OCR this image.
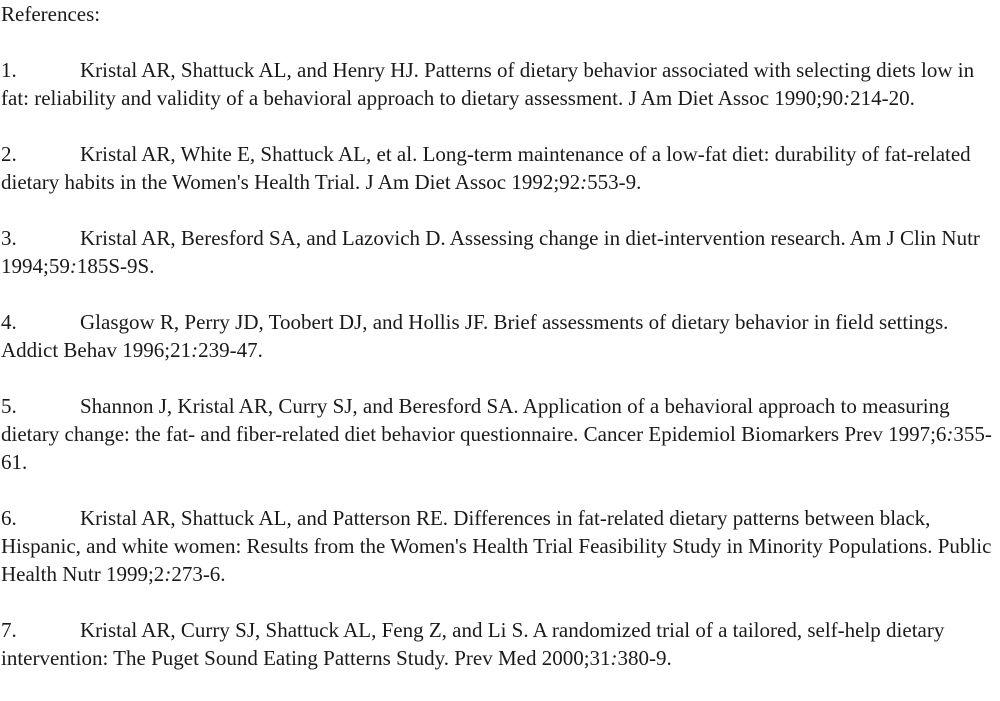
References:

1.	Kristal AR, Shattuck AL, and Henry HJ. Patterns of dietary behavior associated with selecting diets low in fat: reliability and validity of a behavioral approach to dietary assessment. J Am Diet Assoc 1990;90:214-20.
2.	Kristal AR, White E, Shattuck AL, et al. Long-term maintenance of a low-fat diet: durability of fat-related dietary habits in the Women's Health Trial. J Am Diet Assoc 1992;92:553-9.
3.	Kristal AR, Beresford SA, and Lazovich D. Assessing change in diet-intervention research. Am J Clin Nutr 1994;59:185S-9S.
4.	Glasgow R, Perry JD, Toobert DJ, and Hollis JF. Brief assessments of dietary behavior in field settings. Addict Behav 1996;21:239-47.
5.	Shannon J, Kristal AR, Curry SJ, and Beresford SA. Application of a behavioral approach to measuring dietary change: the fat- and fiber-related diet behavior questionnaire. Cancer Epidemiol Biomarkers Prev 1997;6:355-61.
6.	Kristal AR, Shattuck AL, and Patterson RE. Differences in fat-related dietary patterns between black, Hispanic, and white women: Results from the Women's Health Trial Feasibility Study in Minority Populations. Public Health Nutr 1999;2:273-6.
7.	Kristal AR, Curry SJ, Shattuck AL, Feng Z, and Li S. A randomized trial of a tailored, self-help dietary intervention: The Puget Sound Eating Patterns Study. Prev Med 2000;31:380-9.
